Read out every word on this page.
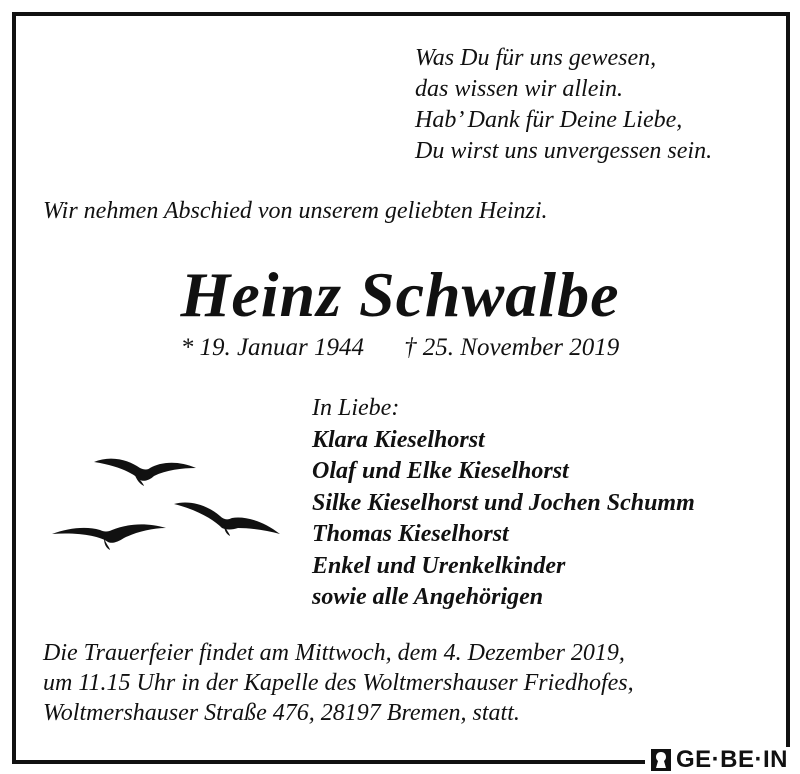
Was Du für uns gewesen,
das wissen wir allein.
Hab’ Dank für Deine Liebe,
Du wirst uns unvergessen sein.
Wir nehmen Abschied von unserem geliebten Heinzi.
Heinz Schwalbe
* 19. Januar 1944 † 25. November 2019
In Liebe:
Klara Kieselhorst
Olaf und Elke Kieselhorst
Silke Kieselhorst und Jochen Schumm
Thomas Kieselhorst
Enkel und Urenkelkinder
sowie alle Angehörigen
Die Trauerfeier findet am Mittwoch, dem 4. Dezember 2019,
um 11.15 Uhr in der Kapelle des Woltmershauser Friedhofes,
Woltmershauser Straße 476, 28197 Bremen, statt.
GE·BE·IN
